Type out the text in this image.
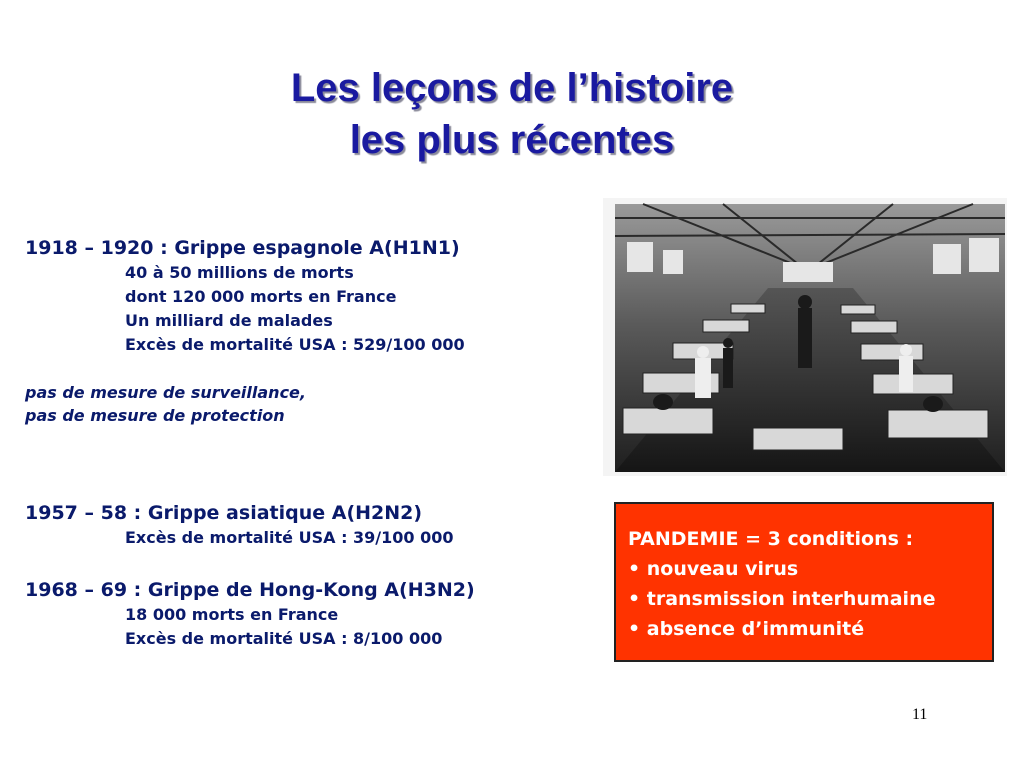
Les leçons de l’histoire
les plus récentes
1918 – 1920 : Grippe espagnole A(H1N1)
40 à 50 millions de morts
dont 120 000 morts en France
Un milliard de malades
Excès de mortalité USA : 529/100 000
pas de mesure de surveillance,
pas de mesure de protection
1957 – 58 : Grippe asiatique A(H2N2)
Excès de mortalité USA : 39/100 000
1968 – 69 : Grippe de Hong-Kong A(H3N2)
18 000 morts en France
Excès de mortalité USA : 8/100 000
PANDEMIE = 3 conditions :
• nouveau virus
• transmission interhumaine
• absence d’immunité
11
